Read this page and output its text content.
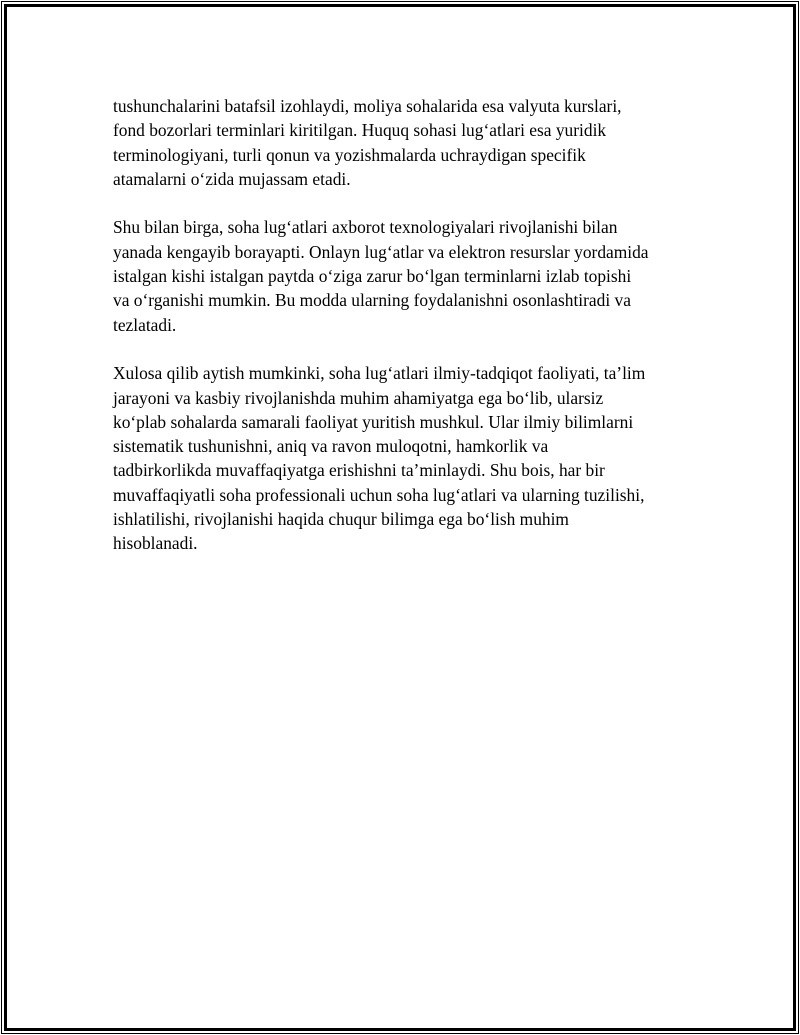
tushunchalarini batafsil izohlaydi, moliya sohalarida esa valyuta kurslari,
fond bozorlari terminlari kiritilgan. Huquq sohasi lug‘atlari esa yuridik
terminologiyani, turli qonun va yozishmalarda uchraydigan specifik
atamalarni o‘zida mujassam etadi.

Shu bilan birga, soha lug‘atlari axborot texnologiyalari rivojlanishi bilan
yanada kengayib borayapti. Onlayn lug‘atlar va elektron resurslar yordamida
istalgan kishi istalgan paytda o‘ziga zarur bo‘lgan terminlarni izlab topishi
va o‘rganishi mumkin. Bu modda ularning foydalanishni osonlashtiradi va
tezlatadi.

Xulosa qilib aytish mumkinki, soha lug‘atlari ilmiy-tadqiqot faoliyati, ta’lim
jarayoni va kasbiy rivojlanishda muhim ahamiyatga ega bo‘lib, ularsiz
ko‘plab sohalarda samarali faoliyat yuritish mushkul. Ular ilmiy bilimlarni
sistematik tushunishni, aniq va ravon muloqotni, hamkorlik va
tadbirkorlikda muvaffaqiyatga erishishni ta’minlaydi. Shu bois, har bir
muvaffaqiyatli soha professionali uchun soha lug‘atlari va ularning tuzilishi,
ishlatilishi, rivojlanishi haqida chuqur bilimga ega bo‘lish muhim
hisoblanadi.
